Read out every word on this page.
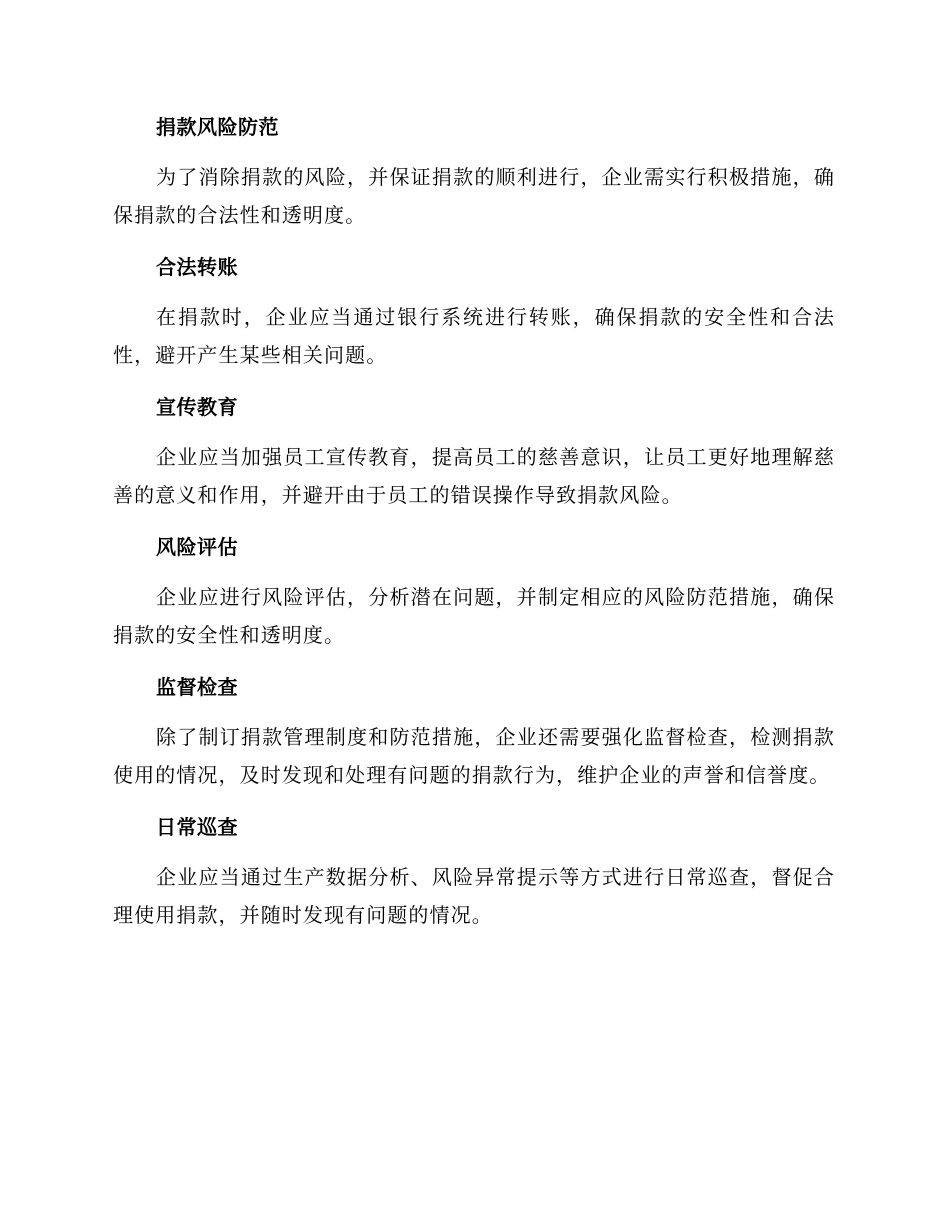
捐款风险防范

为了消除捐款的风险，并保证捐款的顺利进行，企业需实行积极措施，确保捐款的合法性和透明度。

合法转账

在捐款时，企业应当通过银行系统进行转账，确保捐款的安全性和合法性，避开产生某些相关问题。

宣传教育

企业应当加强员工宣传教育，提高员工的慈善意识，让员工更好地理解慈善的意义和作用，并避开由于员工的错误操作导致捐款风险。

风险评估

企业应进行风险评估，分析潜在问题，并制定相应的风险防范措施，确保捐款的安全性和透明度。

监督检查

除了制订捐款管理制度和防范措施，企业还需要强化监督检查，检测捐款使用的情况，及时发现和处理有问题的捐款行为，维护企业的声誉和信誉度。

日常巡查

企业应当通过生产数据分析、风险异常提示等方式进行日常巡查，督促合理使用捐款，并随时发现有问题的情况。
